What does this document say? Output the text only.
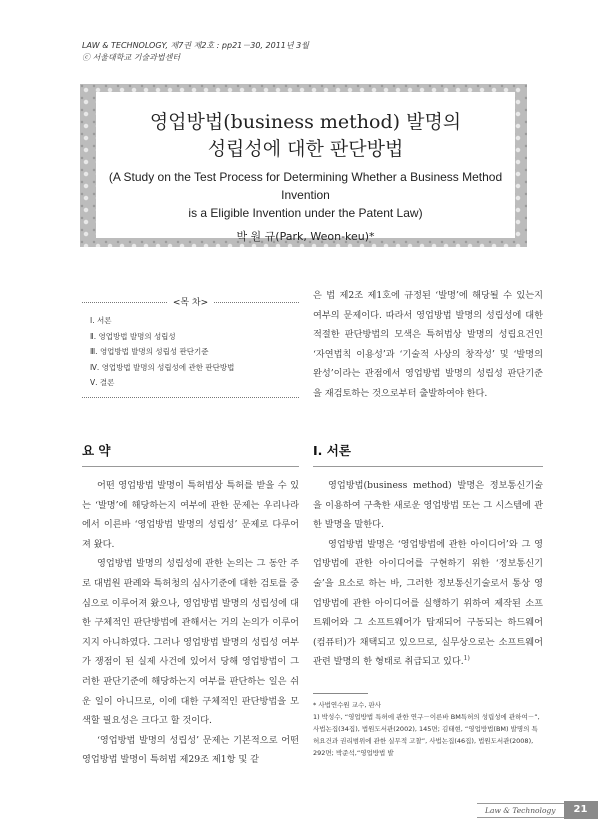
LAW & TECHNOLOGY, 제7권 제2호 : pp21－30, 2011년 3월
ⓒ 서울대학교 기술과법센터
영업방법(business method) 발명의
성립성에 대한 판단방법
(A Study on the Test Process for Determining Whether a Business Method Invention
is a Eligible Invention under the Patent Law)
박 원 규(Park, Weon-keu)*
<목 차>
Ⅰ. 서론
Ⅱ. 영업방법 발명의 성립성
Ⅲ. 영업방법 발명의 성립성 판단기준
Ⅳ. 영업방법 발명의 성립성에 관한 판단방법
Ⅴ. 결론

은 법 제2조 제1호에 규정된 ‘발명’에 해당될 수 있는지 여부의 문제이다. 따라서 영업방법 발명의 성립성에 대한 적절한 판단방법의 모색은 특허법상 발명의 성립요건인 ‘자연법칙 이용성’과 ‘기술적 사상의 창작성’ 및 ‘발명의 완성’이라는 관점에서 영업방법 발명의 성립성 판단기준을 재검토하는 것으로부터 출발하여야 한다.

요 약

어떤 영업방법 발명이 특허법상 특허를 받을 수 있는 ‘발명’에 해당하는지 여부에 관한 문제는 우리나라에서 이른바 ‘영업방법 발명의 성립성’ 문제로 다루어져 왔다.

영업방법 발명의 성립성에 관한 논의는 그 동안 주로 대법원 판례와 특허청의 심사기준에 대한 검토를 중심으로 이루어져 왔으나, 영업방법 발명의 성립성에 대한 구체적인 판단방법에 관해서는 거의 논의가 이루어지지 아니하였다. 그러나 영업방법 발명의 성립성 여부가 쟁점이 된 실제 사건에 있어서 당해 영업방법이 그러한 판단기준에 해당하는지 여부를 판단하는 일은 쉬운 일이 아니므로, 이에 대한 구체적인 판단방법을 모색할 필요성은 크다고 할 것이다.

‘영업방법 발명의 성립성’ 문제는 기본적으로 어떤 영업방법 발명이 특허법 제29조 제1항 및 같

Ⅰ. 서론

영업방법(business method) 발명은 정보통신기술을 이용하여 구축한 새로운 영업방법 또는 그 시스템에 관한 발명을 말한다.

영업방법 발명은 ‘영업방법에 관한 아이디어’와 그 영업방법에 관한 아이디어를 구현하기 위한 ‘정보통신기술’을 요소로 하는 바, 그러한 정보통신기술로서 통상 영업방법에 관한 아이디어를 실행하기 위하여 제작된 소프트웨어와 그 소프트웨어가 탑재되어 구동되는 하드웨어(컴퓨터)가 채택되고 있으므로, 실무상으로는 소프트웨어 관련 발명의 한 형태로 취급되고 있다.$^{1)}$

* 사법연수원 교수, 판사

1) 박성수, “영업방법 특허에 관한 연구－이른바 BM특허의 성립성에 관하여－”, 사법논집(34집), 법원도서관(2002), 145면; 김태현, “영업방법(BM) 발명의 특허요건과 권리범위에 관한 실무적 고찰”, 사법논집(46집), 법원도서관(2008), 292면; 박준석,“영업방법 발

Law & Technology	21
